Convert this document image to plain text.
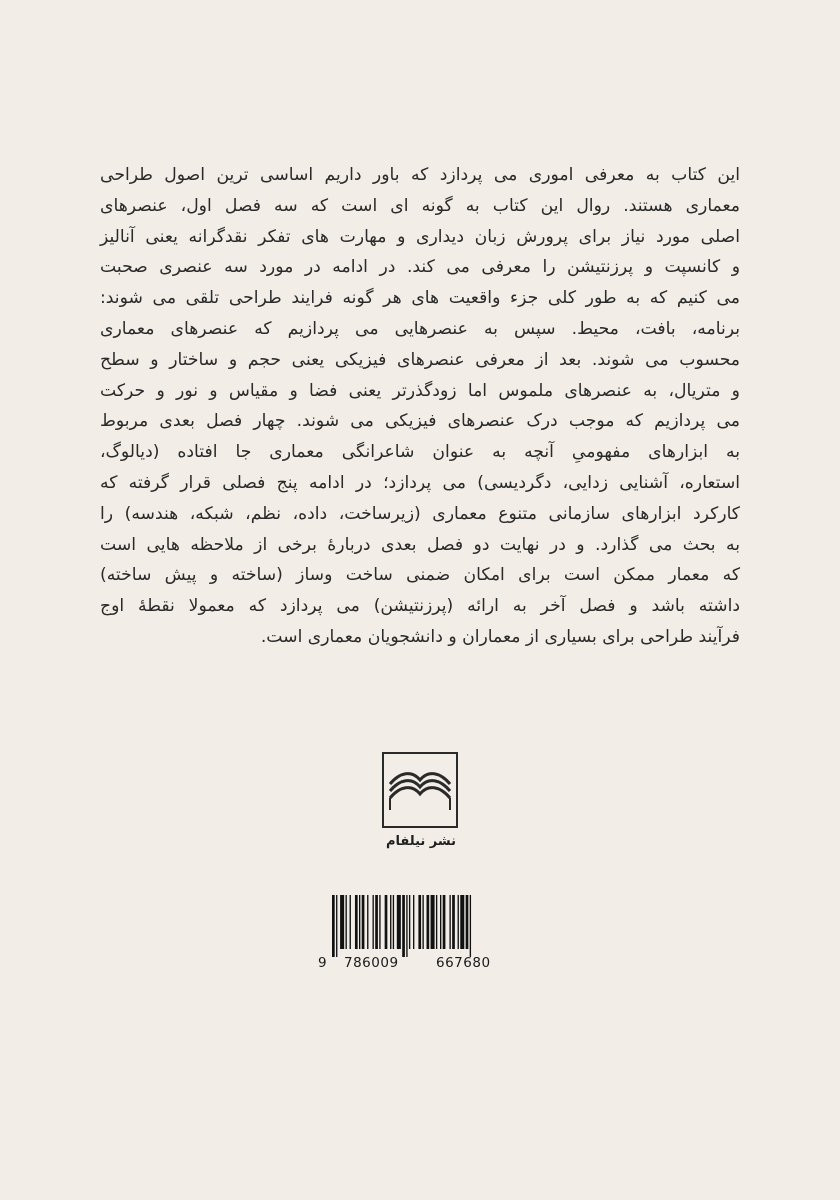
این کتاب به معرفی اموری می پردازد که باور داریم اساسی ترین اصول طراحی
معماری هستند. روال این کتاب به گونه ای است که سه فصل اول، عنصرهای
اصلی مورد نیاز برای پرورش زبان دیداری و مهارت های تفکر نقدگرانه یعنی آنالیز
و کانسپت و پرزنتیشن را معرفی می کند. در ادامه در مورد سه عنصری صحبت
می کنیم که به طور کلی جزء واقعیت های هر گونه فرایند طراحی تلقی می شوند:
برنامه، بافت، محیط. سپس به عنصرهایی می پردازیم که عنصرهای معماری
محسوب می شوند. بعد از معرفی عنصرهای فیزیکی یعنی حجم و ساختار و سطح
و متریال، به عنصرهای ملموس اما زودگذرتر یعنی فضا و مقیاس و نور و حرکت
می پردازیم که موجب درک عنصرهای فیزیکی می شوند. چهار فصل بعدی مربوط
به ابزارهای مفهومیِ آنچه به عنوان شاعرانگی معماری جا افتاده (دیالوگ،
استعاره، آشنایی زدایی، دگردیسی) می پردازد؛ در ادامه پنج فصلی قرار گرفته که
کارکرد ابزارهای سازمانی متنوع معماری (زیرساخت، داده، نظم، شبکه، هندسه) را
به بحث می گذارد. و در نهایت دو فصل بعدی دربارهٔ برخی از ملاحظه هایی است
که معمار ممکن است برای امکان ضمنی ساخت وساز (ساخته و پیش ساخته)
داشته باشد و فصل آخر به ارائه (پرزنتیشن) می پردازد که معمولا نقطهٔ اوج
فرآیند طراحی برای بسیاری از معماران و دانشجویان معماری است.
نشر نیلفام
9 786009	667680
